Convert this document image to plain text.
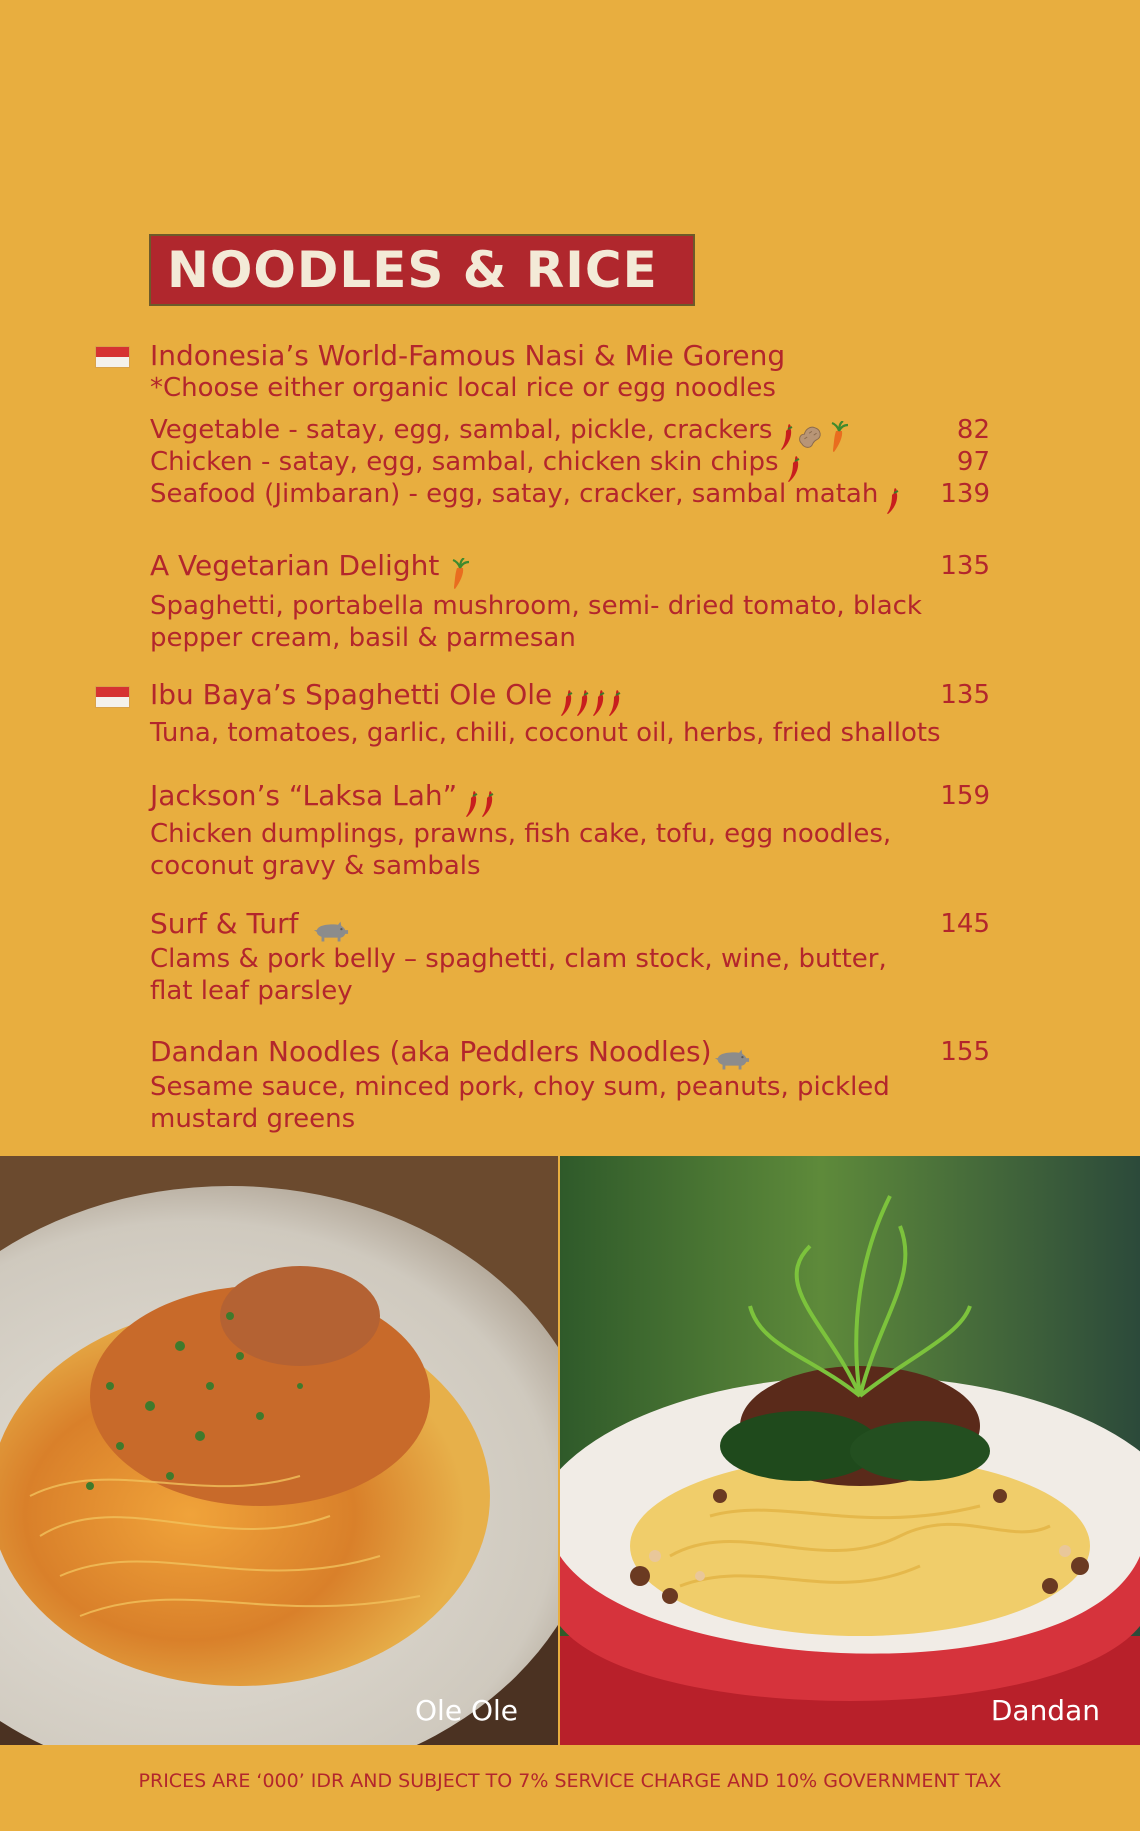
NOODLES & RICE
Indonesia’s World-Famous Nasi & Mie Goreng
*Choose either organic local rice or egg noodles
Vegetable - satay, egg, sambal, pickle, crackers	82
Chicken - satay, egg, sambal, chicken skin chips	97
Seafood (Jimbaran) - egg, satay, cracker, sambal matah 139
A Vegetarian Delight	135
Spaghetti, portabella mushroom, semi- dried tomato, black pepper cream, basil & parmesan
Ibu Baya’s Spaghetti Ole Ole	135
Tuna, tomatoes, garlic, chili, coconut oil, herbs, fried shallots
Jackson’s “Laksa Lah”	159
Chicken dumplings, prawns, fish cake, tofu, egg noodles, coconut gravy & sambals
Surf & Turf	145
Clams & pork belly – spaghetti, clam stock, wine, butter, flat leaf parsley
Dandan Noodles (aka Peddlers Noodles)	155
Sesame sauce, minced pork, choy sum, peanuts, pickled mustard greens
Ole Ole	Dandan
PRICES ARE ‘000’ IDR AND SUBJECT TO 7% SERVICE CHARGE AND 10% GOVERNMENT TAX
